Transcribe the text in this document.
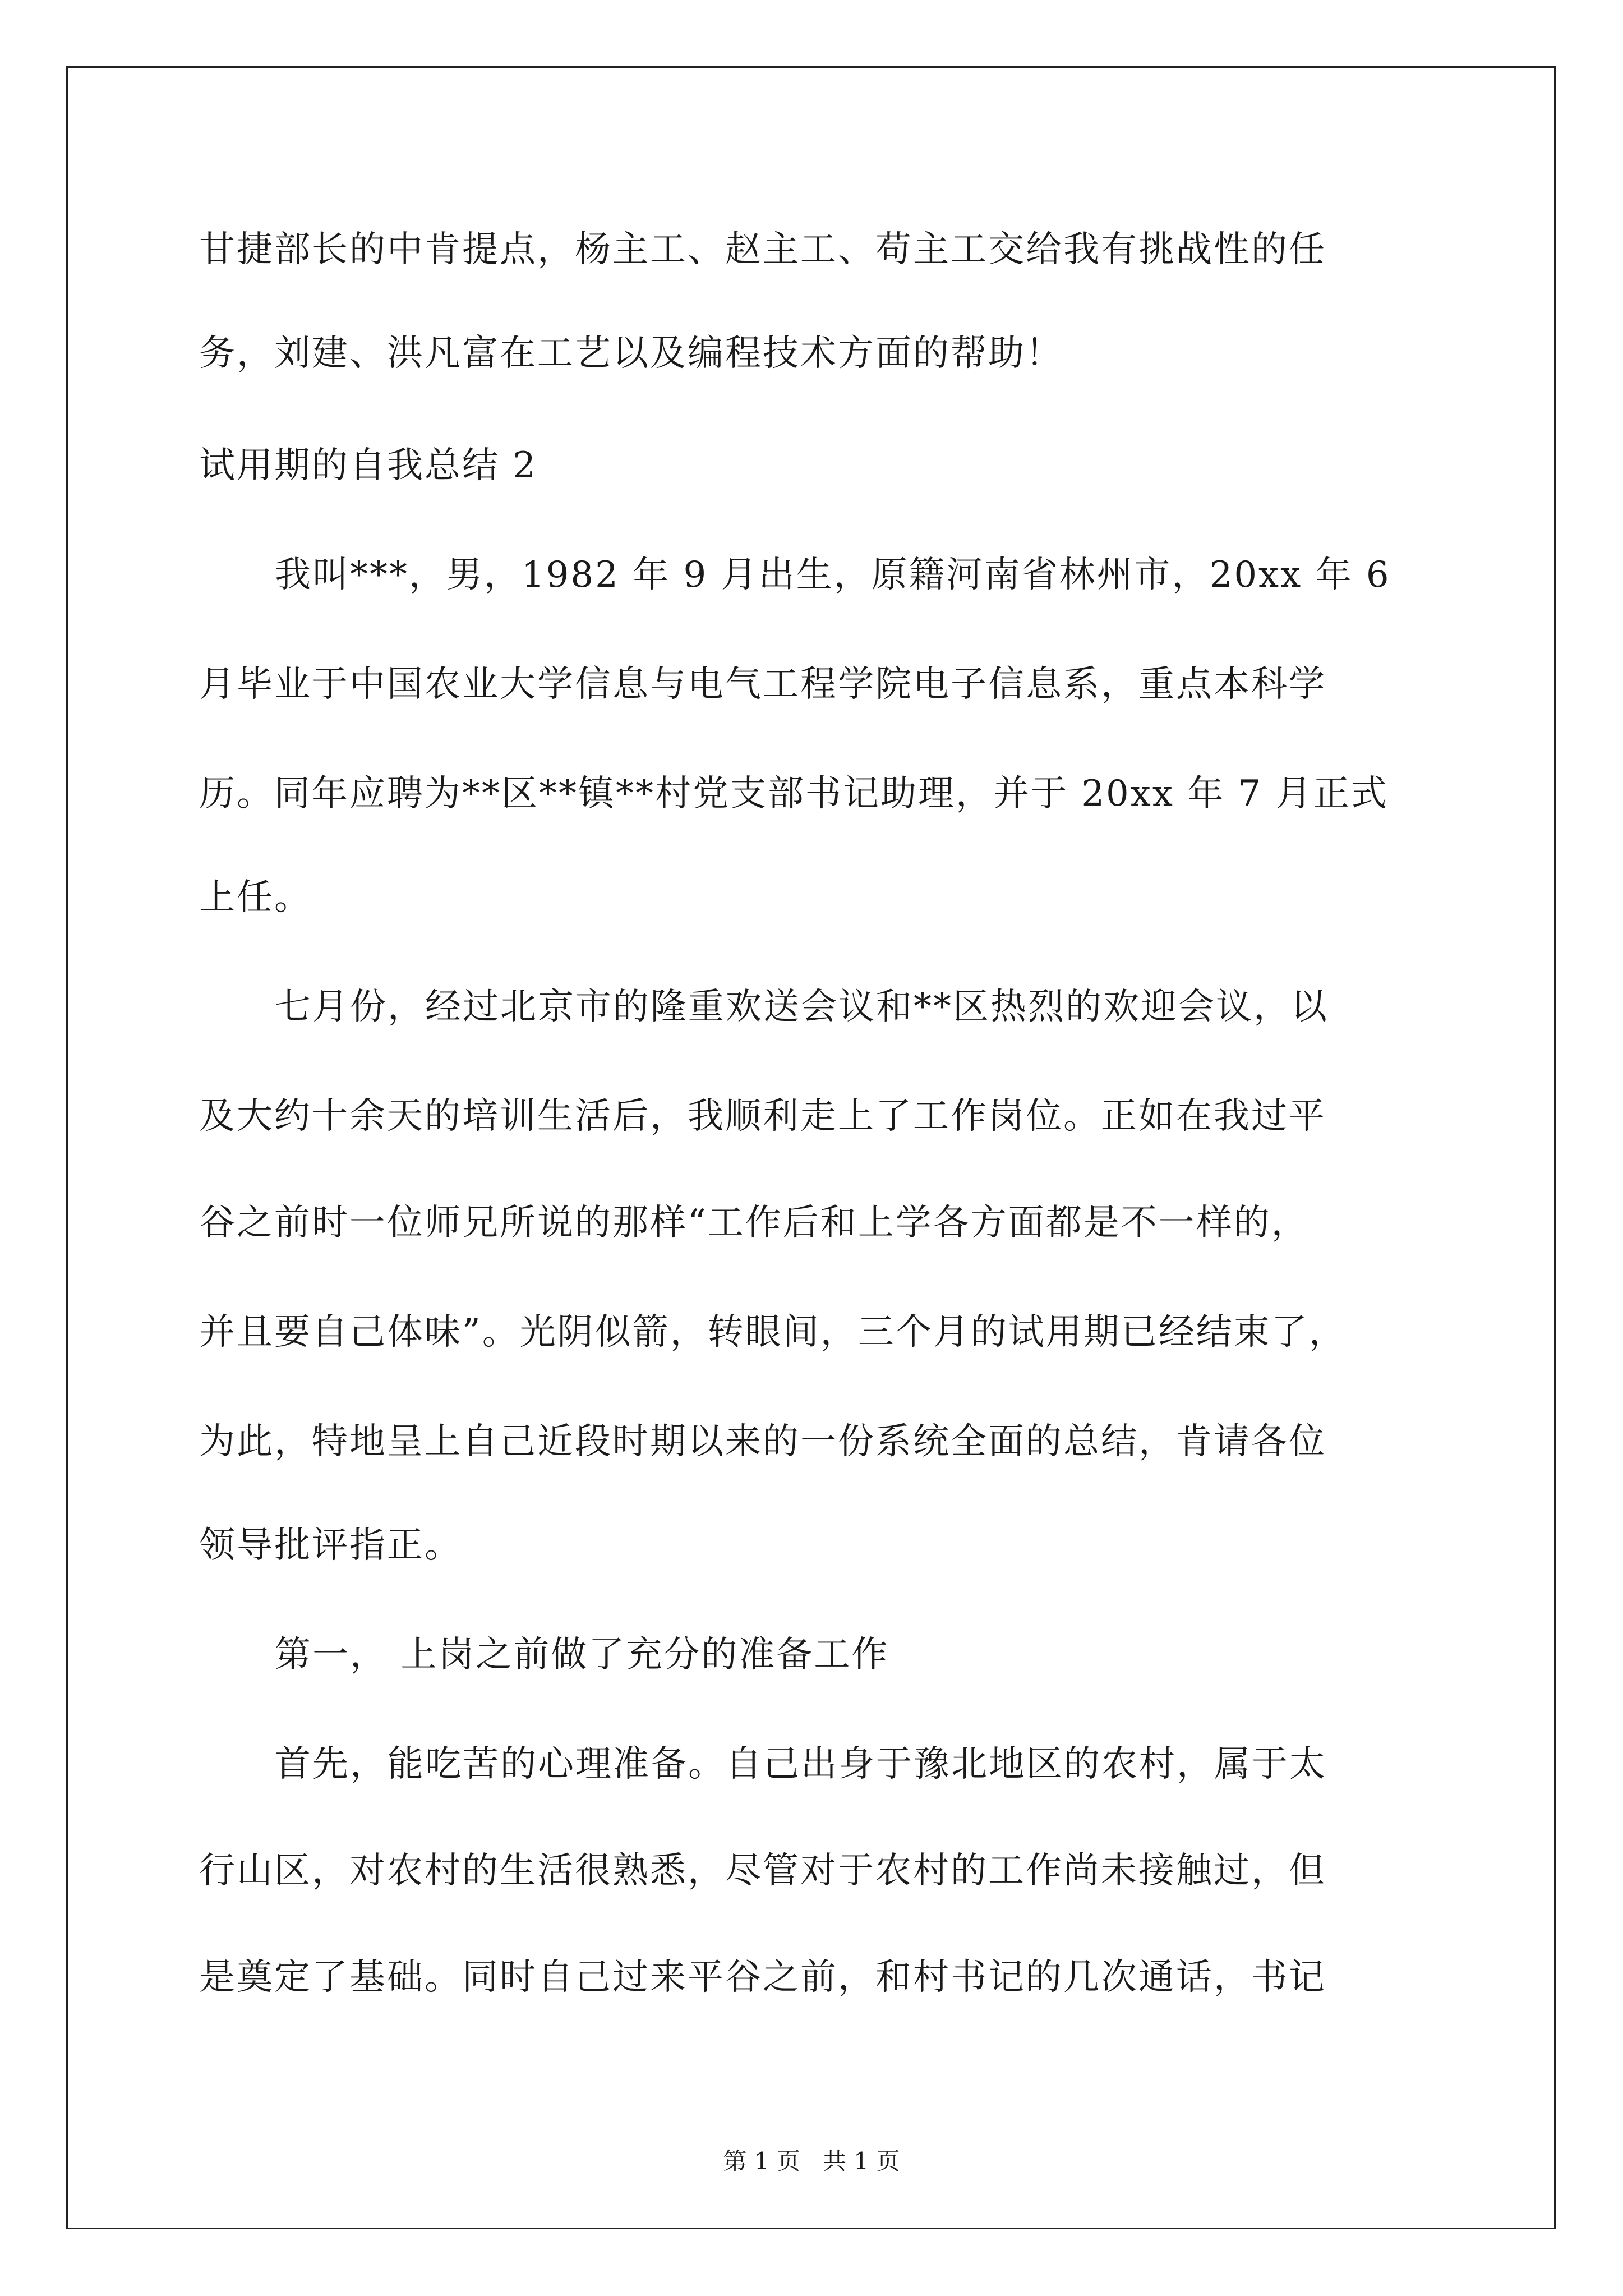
甘捷部长的中肯提点，杨主工、赵主工、苟主工交给我有挑战性的任
务，刘建、洪凡富在工艺以及编程技术方面的帮助！
试用期的自我总结 2
我叫***，男，1982 年 9 月出生，原籍河南省林州市，20xx 年 6
月毕业于中国农业大学信息与电气工程学院电子信息系，重点本科学
历。同年应聘为**区**镇**村党支部书记助理，并于 20xx 年 7 月正式
上任。
七月份，经过北京市的隆重欢送会议和**区热烈的欢迎会议，以
及大约十余天的培训生活后，我顺利走上了工作岗位。正如在我过平
谷之前时一位师兄所说的那样“工作后和上学各方面都是不一样的，
并且要自己体味”。光阴似箭，转眼间，三个月的试用期已经结束了，
为此，特地呈上自己近段时期以来的一份系统全面的总结，肯请各位
领导批评指正。
第一， 上岗之前做了充分的准备工作
首先，能吃苦的心理准备。自己出身于豫北地区的农村，属于太
行山区，对农村的生活很熟悉，尽管对于农村的工作尚未接触过，但
是奠定了基础。同时自己过来平谷之前，和村书记的几次通话，书记
第 1 页   共 1 页
